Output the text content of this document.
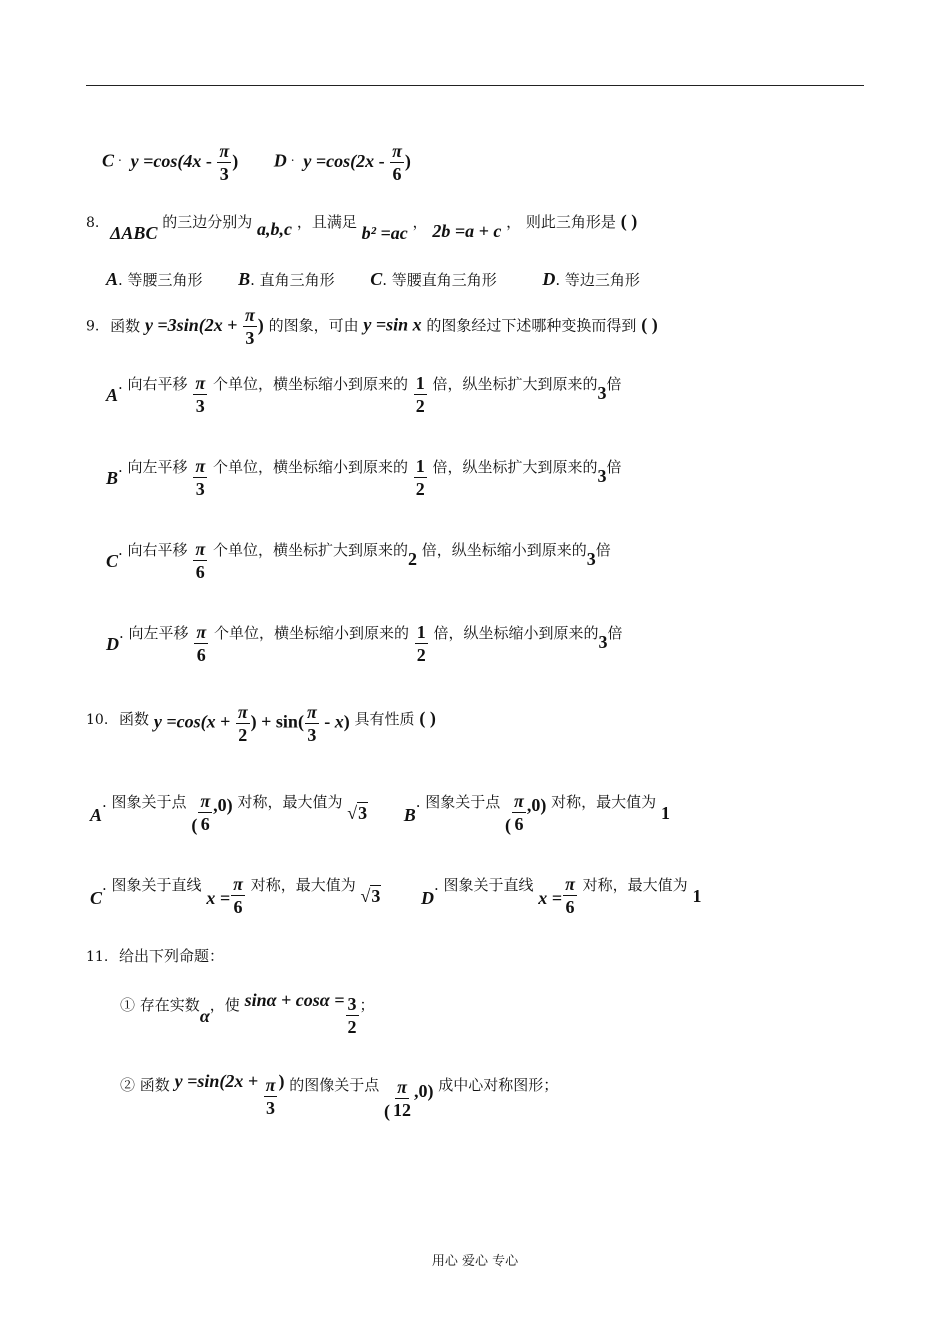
C . $y =\cos(4x - \frac{\pi}{3}$ ) D . $y =\cos(2x - \frac{\pi}{6}$ )
8. ΔABC 的三边分别为 a,b,c ，且满足 b² =ac ， 2b =a + c ， 则此三角形是 ( )
A. 等腰三角形 B. 直角三角形 C. 等腰直角三角形	D. 等边三角形
9. 函数 $y =3\sin(2x + \frac{\pi}{3}$ ) 的图象，可由 y =sin x 的图象经过下述哪种变换而得到 ( )
A. 向右平移 $\frac{\pi}{3}$ 个单位，横坐标缩小到原来的 $\frac{1}{2}$ 倍，纵坐标扩大到原来的3倍
B. 向左平移 $\frac{\pi}{3}$ 个单位，横坐标缩小到原来的 $\frac{1}{2}$ 倍，纵坐标扩大到原来的3倍
C. 向右平移 $\frac{\pi}{6}$ 个单位，横坐标扩大到原来的2 倍，纵坐标缩小到原来的3倍
D. 向左平移 $\frac{\pi}{6}$ 个单位，横坐标缩小到原来的 $\frac{1}{2}$ 倍，纵坐标缩小到原来的3倍
10. 函数 $y =\cos(x + \frac{\pi}{2}$ ) + $\sin( \frac{\pi}{3} - x)$ 具有性质 ( )
A. 图象关于点 ( $\frac{\pi}{6} ,0$) 对称，最大值为 √3 B. 图象关于点 ( $\frac{\pi}{6} ,0$) 对称，最大值为 1
C. 图象关于直线 $x = \frac{\pi}{6}$ 对称，最大值为 √3 D. 图象关于直线 $x = \frac{\pi}{6}$ 对称，最大值为 1
11. 给出下列命题：
① 存在实数α，使 $\sin\alpha + \cos\alpha = \frac{3}{2}$ ；
② 函数 $y =\sin(2x + \frac{\pi}{3}$ ) 的图像关于点 ( $\frac{\pi}{12} ,0$) 成中心对称图形；
用心 爱心 专心
